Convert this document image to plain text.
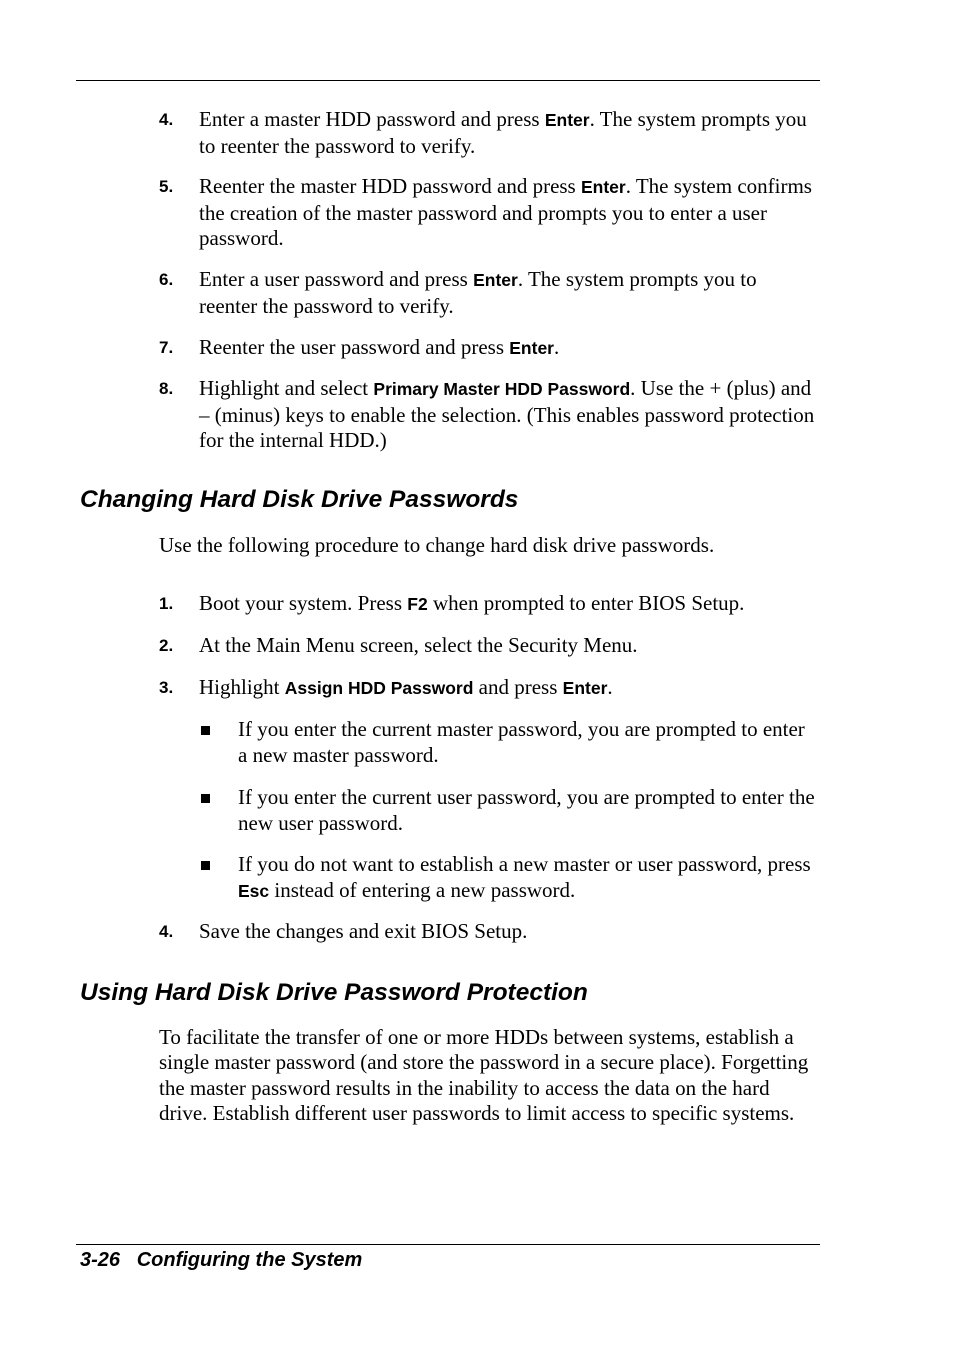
4. Enter a master HDD password and press Enter. The system prompts you to reenter the password to verify.
5. Reenter the master HDD password and press Enter. The system confirms the creation of the master password and prompts you to enter a user password.
6. Enter a user password and press Enter. The system prompts you to reenter the password to verify.
7. Reenter the user password and press Enter.
8. Highlight and select Primary Master HDD Password. Use the + (plus) and – (minus) keys to enable the selection. (This enables password protection for the internal HDD.)
Changing Hard Disk Drive Passwords
Use the following procedure to change hard disk drive passwords.
1. Boot your system. Press F2 when prompted to enter BIOS Setup.
2. At the Main Menu screen, select the Security Menu.
3. Highlight Assign HDD Password and press Enter.
If you enter the current master password, you are prompted to enter a new master password.
If you enter the current user password, you are prompted to enter the new user password.
If you do not want to establish a new master or user password, press Esc instead of entering a new password.
4. Save the changes and exit BIOS Setup.
Using Hard Disk Drive Password Protection
To facilitate the transfer of one or more HDDs between systems, establish a single master password (and store the password in a secure place). Forgetting the master password results in the inability to access the data on the hard drive. Establish different user passwords to limit access to specific systems.
3-26 Configuring the System
